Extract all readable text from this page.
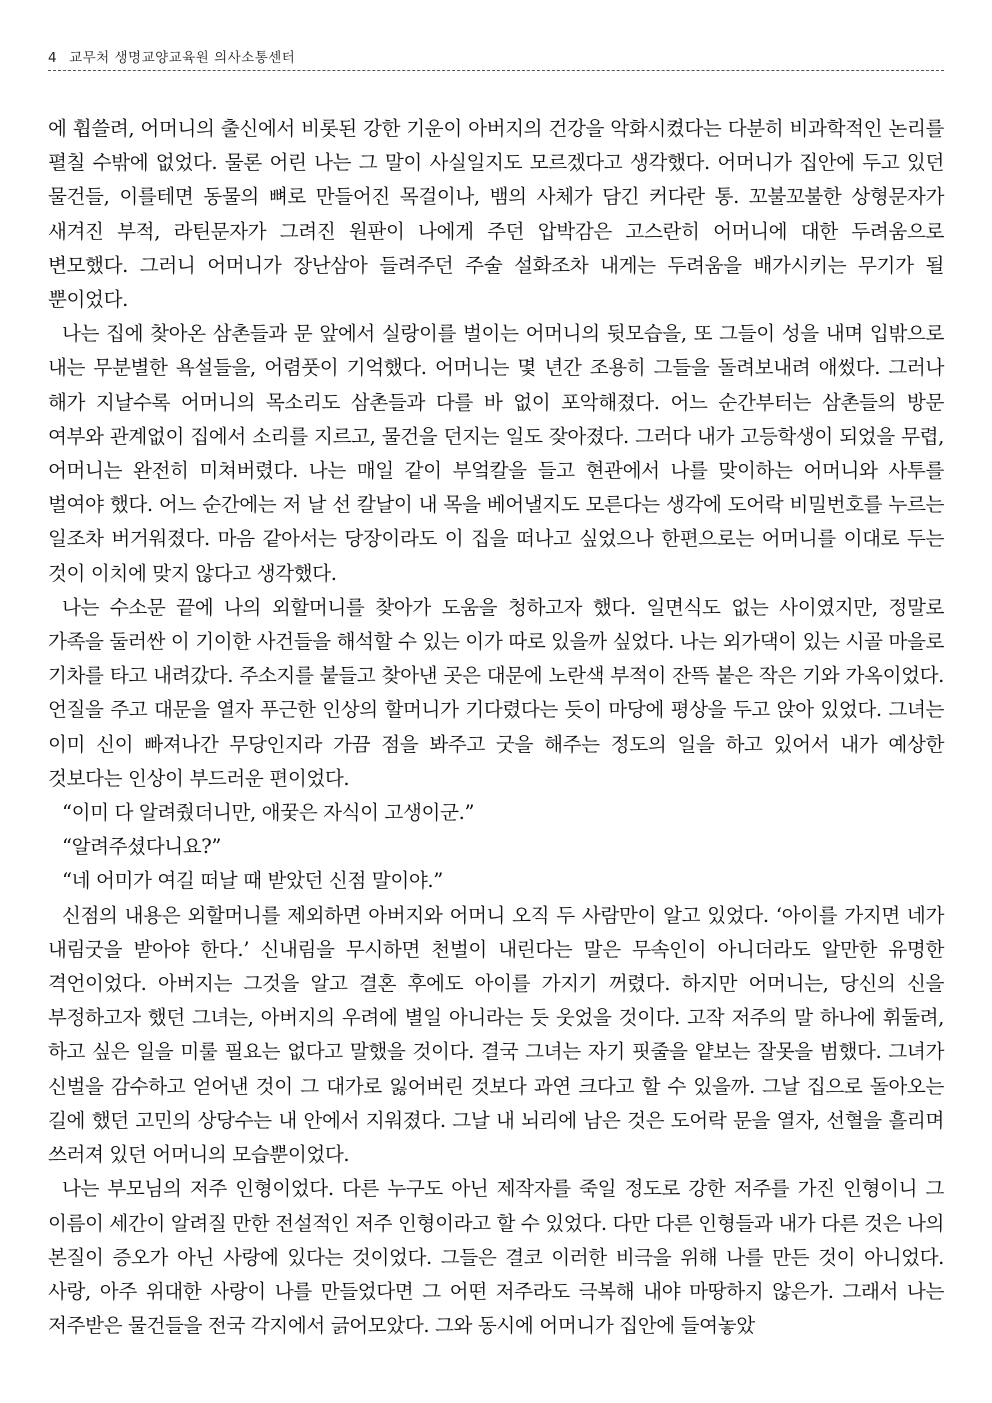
4 교무처 생명교양교육원 의사소통센터

에 휩쓸려, 어머니의 출신에서 비롯된 강한 기운이 아버지의 건강을 악화시켰다는 다분히 비과학적인 논리를 펼칠 수밖에 없었다. 물론 어린 나는 그 말이 사실일지도 모르겠다고 생각했다. 어머니가 집안에 두고 있던 물건들, 이를테면 동물의 뼈로 만들어진 목걸이나, 뱀의 사체가 담긴 커다란 통. 꼬불꼬불한 상형문자가 새겨진 부적, 라틴문자가 그려진 원판이 나에게 주던 압박감은 고스란히 어머니에 대한 두려움으로 변모했다. 그러니 어머니가 장난삼아 들려주던 주술 설화조차 내게는 두려움을 배가시키는 무기가 될 뿐이었다.

나는 집에 찾아온 삼촌들과 문 앞에서 실랑이를 벌이는 어머니의 뒷모습을, 또 그들이 성을 내며 입밖으로 내는 무분별한 욕설들을, 어렴풋이 기억했다. 어머니는 몇 년간 조용히 그들을 돌려보내려 애썼다. 그러나 해가 지날수록 어머니의 목소리도 삼촌들과 다를 바 없이 포악해졌다. 어느 순간부터는 삼촌들의 방문 여부와 관계없이 집에서 소리를 지르고, 물건을 던지는 일도 잦아졌다. 그러다 내가 고등학생이 되었을 무렵, 어머니는 완전히 미쳐버렸다. 나는 매일 같이 부엌칼을 들고 현관에서 나를 맞이하는 어머니와 사투를 벌여야 했다. 어느 순간에는 저 날 선 칼날이 내 목을 베어낼지도 모른다는 생각에 도어락 비밀번호를 누르는 일조차 버거워졌다. 마음 같아서는 당장이라도 이 집을 떠나고 싶었으나 한편으로는 어머니를 이대로 두는 것이 이치에 맞지 않다고 생각했다.

나는 수소문 끝에 나의 외할머니를 찾아가 도움을 청하고자 했다. 일면식도 없는 사이였지만, 정말로 가족을 둘러싼 이 기이한 사건들을 해석할 수 있는 이가 따로 있을까 싶었다. 나는 외가댁이 있는 시골 마을로 기차를 타고 내려갔다. 주소지를 붙들고 찾아낸 곳은 대문에 노란색 부적이 잔뜩 붙은 작은 기와 가옥이었다. 언질을 주고 대문을 열자 푸근한 인상의 할머니가 기다렸다는 듯이 마당에 평상을 두고 앉아 있었다. 그녀는 이미 신이 빠져나간 무당인지라 가끔 점을 봐주고 굿을 해주는 정도의 일을 하고 있어서 내가 예상한 것보다는 인상이 부드러운 편이었다.

“이미 다 알려줬더니만, 애꿎은 자식이 고생이군.”

“알려주셨다니요?”

“네 어미가 여길 떠날 때 받았던 신점 말이야.”

신점의 내용은 외할머니를 제외하면 아버지와 어머니 오직 두 사람만이 알고 있었다. ‘아이를 가지면 네가 내림굿을 받아야 한다.’ 신내림을 무시하면 천벌이 내린다는 말은 무속인이 아니더라도 알만한 유명한 격언이었다. 아버지는 그것을 알고 결혼 후에도 아이를 가지기 꺼렸다. 하지만 어머니는, 당신의 신을 부정하고자 했던 그녀는, 아버지의 우려에 별일 아니라는 듯 웃었을 것이다. 고작 저주의 말 하나에 휘둘려, 하고 싶은 일을 미룰 필요는 없다고 말했을 것이다. 결국 그녀는 자기 핏줄을 얕보는 잘못을 범했다. 그녀가 신벌을 감수하고 얻어낸 것이 그 대가로 잃어버린 것보다 과연 크다고 할 수 있을까. 그날 집으로 돌아오는 길에 했던 고민의 상당수는 내 안에서 지워졌다. 그날 내 뇌리에 남은 것은 도어락 문을 열자, 선혈을 흘리며 쓰러져 있던 어머니의 모습뿐이었다.

나는 부모님의 저주 인형이었다. 다른 누구도 아닌 제작자를 죽일 정도로 강한 저주를 가진 인형이니 그 이름이 세간이 알려질 만한 전설적인 저주 인형이라고 할 수 있었다. 다만 다른 인형들과 내가 다른 것은 나의 본질이 증오가 아닌 사랑에 있다는 것이었다. 그들은 결코 이러한 비극을 위해 나를 만든 것이 아니었다. 사랑, 아주 위대한 사랑이 나를 만들었다면 그 어떤 저주라도 극복해 내야 마땅하지 않은가. 그래서 나는 저주받은 물건들을 전국 각지에서 긁어모았다. 그와 동시에 어머니가 집안에 들여놓았
